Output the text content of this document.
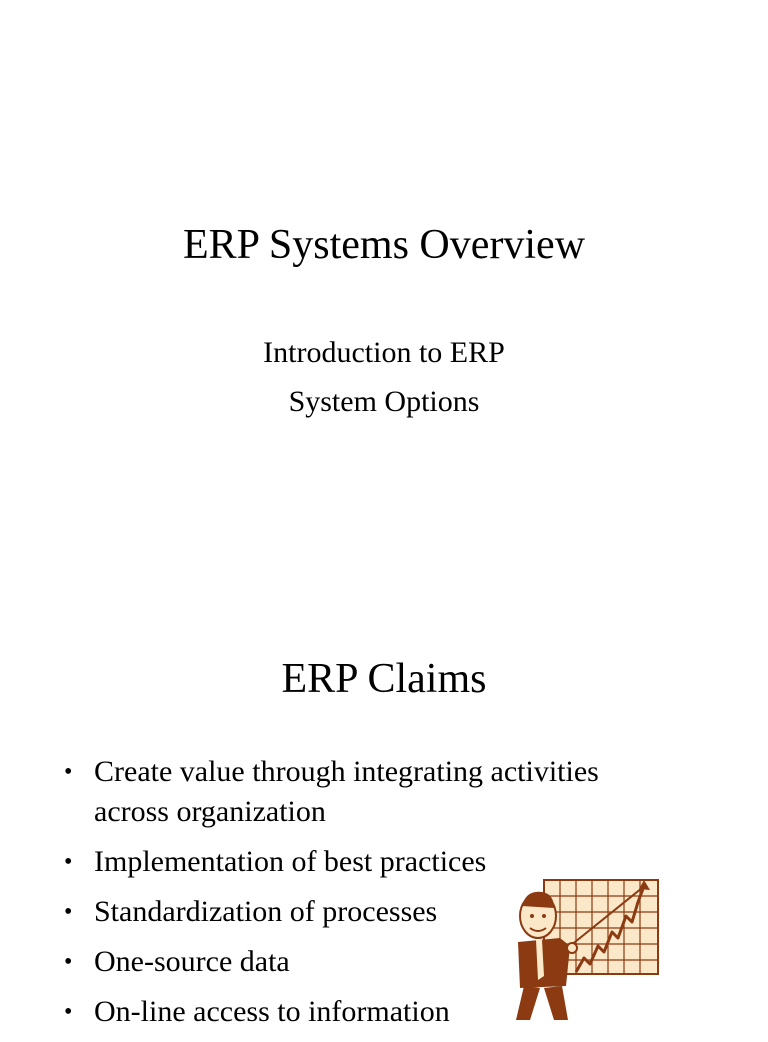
ERP Systems Overview
Introduction to ERP
System Options
ERP Claims
• Create value through integrating activities
across organization
• Implementation of best practices
• Standardization of processes
• One-source data
• On-line access to information
